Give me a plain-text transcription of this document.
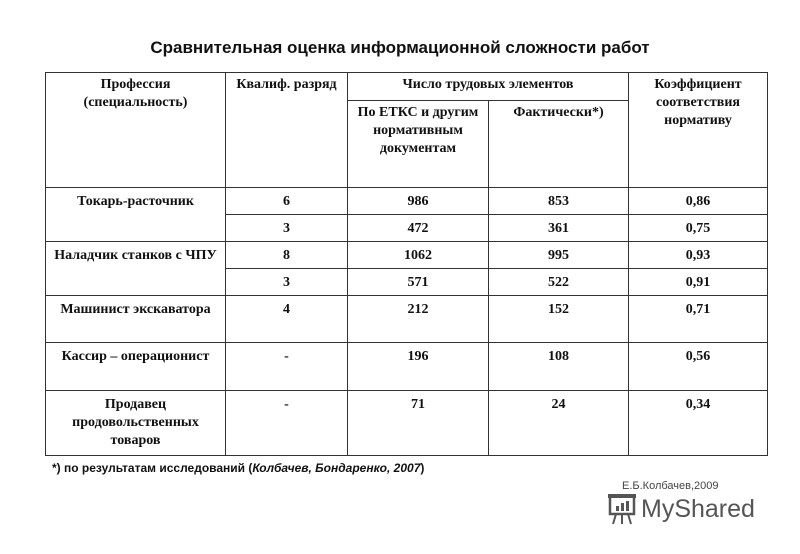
Сравнительная оценка информационной сложности работ
Профессия (специальность)	Квалиф. разряд	Число трудовых элементов		Коэффициент соответствия нормативу
		По ЕТКС и другим нормативным документам	Фактически*)	
Токарь-расточник	6	986	853	0,86
	3	472	361	0,75
Наладчик станков с ЧПУ	8	1062	995	0,93
	3	571	522	0,91
Машинист экскаватора	4	212	152	0,71
Кассир – операционист	-	196	108	0,56
Продавец продовольственных товаров	-	71	24	0,34
*) по результатам исследований (Колбачев, Бондаренко, 2007)
Е.Б.Колбачев,2009
MyShared
